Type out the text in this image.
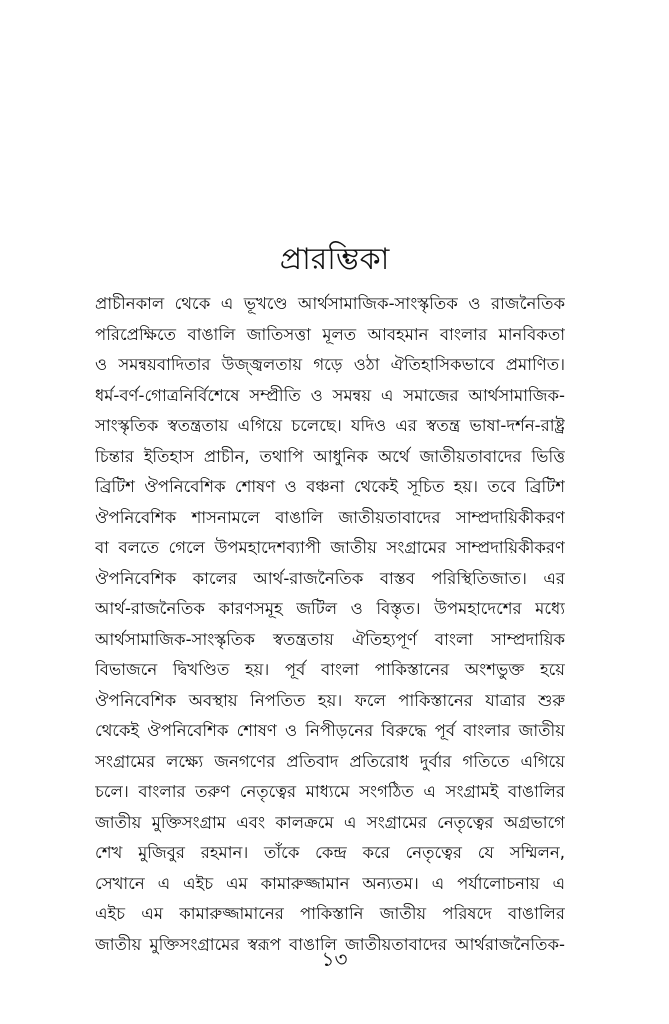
প্রারম্ভিকা
প্রাচীনকাল থেকে এ ভূখণ্ডে আর্থসামাজিক-সাংস্কৃতিক ও রাজনৈতিক
পরিপ্রেক্ষিতে বাঙালি জাতিসত্তা মূলত আবহমান বাংলার মানবিকতা
ও সমন্বয়বাদিতার উজ্জ্বলতায় গড়ে ওঠা ঐতিহাসিকভাবে প্রমাণিত।
ধর্ম-বর্ণ-গোত্রনির্বিশেষে সম্প্রীতি ও সমন্বয় এ সমাজের আর্থসামাজিক-
সাংস্কৃতিক স্বতন্ত্রতায় এগিয়ে চলেছে। যদিও এর স্বতন্ত্র ভাষা-দর্শন-রাষ্ট্র
চিন্তার ইতিহাস প্রাচীন, তথাপি আধুনিক অর্থে জাতীয়তাবাদের ভিত্তি
ব্রিটিশ ঔপনিবেশিক শোষণ ও বঞ্চনা থেকেই সূচিত হয়। তবে ব্রিটিশ
ঔপনিবেশিক শাসনামলে বাঙালি জাতীয়তাবাদের সাম্প্রদায়িকীকরণ
বা বলতে গেলে উপমহাদেশব্যাপী জাতীয় সংগ্রামের সাম্প্রদায়িকীকরণ
ঔপনিবেশিক কালের আর্থ-রাজনৈতিক বাস্তব পরিস্থিতিজাত। এর
আর্থ-রাজনৈতিক কারণসমূহ জটিল ও বিস্তৃত। উপমহাদেশের মধ্যে
আর্থসামাজিক-সাংস্কৃতিক স্বতন্ত্রতায় ঐতিহ্যপূর্ণ বাংলা সাম্প্রদায়িক
বিভাজনে দ্বিখণ্ডিত হয়। পূর্ব বাংলা পাকিস্তানের অংশভুক্ত হয়ে
ঔপনিবেশিক অবস্থায় নিপতিত হয়। ফলে পাকিস্তানের যাত্রার শুরু
থেকেই ঔপনিবেশিক শোষণ ও নিপীড়নের বিরুদ্ধে পূর্ব বাংলার জাতীয়
সংগ্রামের লক্ষ্যে জনগণের প্রতিবাদ প্রতিরোধ দুর্বার গতিতে এগিয়ে
চলে। বাংলার তরুণ নেতৃত্বের মাধ্যমে সংগঠিত এ সংগ্রামই বাঙালির
জাতীয় মুক্তিসংগ্রাম এবং কালক্রমে এ সংগ্রামের নেতৃত্বের অগ্রভাগে
শেখ মুজিবুর রহমান। তাঁকে কেন্দ্র করে নেতৃত্বের যে সম্মিলন,
সেখানে এ এইচ এম কামারুজ্জামান অন্যতম। এ পর্যালোচনায় এ
এইচ এম কামারুজ্জামানের পাকিস্তানি জাতীয় পরিষদে বাঙালির
জাতীয় মুক্তিসংগ্রামের স্বরূপ বাঙালি জাতীয়তাবাদের আর্থরাজনৈতিক-
১৩
